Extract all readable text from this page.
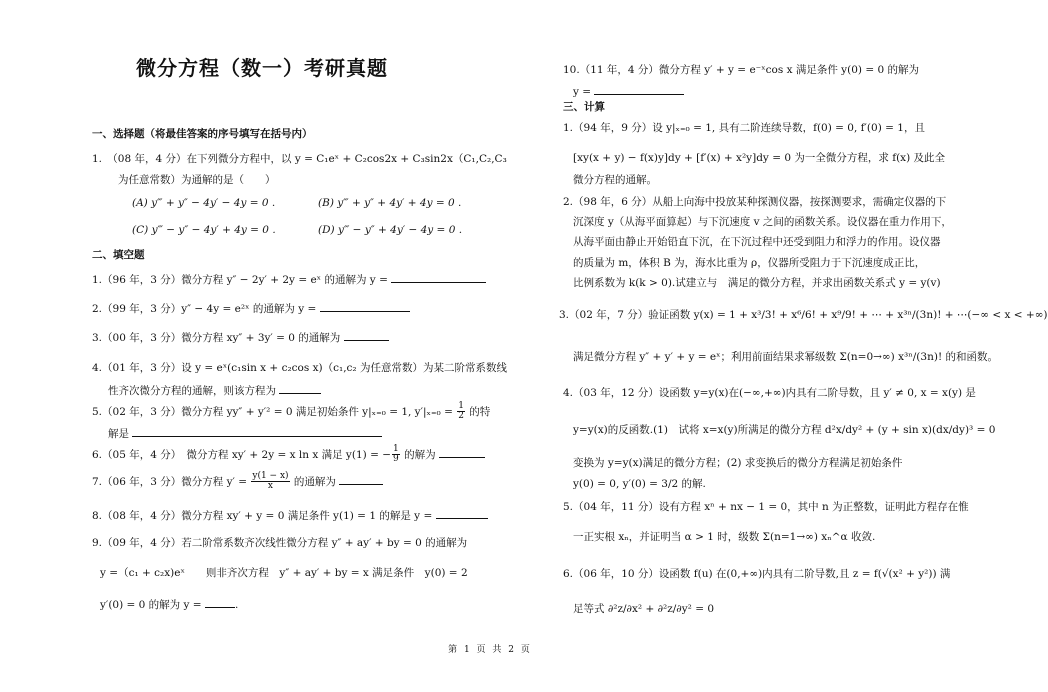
微分方程（数一）考研真题
一、选择题（将最佳答案的序号填写在括号内）
1.　（08 年，4 分）在下列微分方程中，以 y = C₁eˣ + C₂cos2x + C₃sin2x（C₁,C₂,C₃
为任意常数）为通解的是（　　）
(A) y‴ + y″ − 4y′ − 4y = 0 .	(B) y‴ + y″ + 4y′ + 4y = 0 .
(C) y‴ − y″ − 4y′ + 4y = 0 .	(D) y‴ − y″ + 4y′ − 4y = 0 .
二、填空题
1.（96 年，3 分）微分方程 y″ − 2y′ + 2y = eˣ 的通解为 y =
2.（99 年，3 分）y″ − 4y = e²ˣ 的通解为 y =
3.（00 年，3 分）微分方程 xy″ + 3y′ = 0 的通解为
4.（01 年，3 分）设 y = eˣ(c₁sin x + c₂cos x)（c₁,c₂ 为任意常数）为某二阶常系数线
性齐次微分方程的通解，则该方程为
5.（02 年，3 分）微分方程 yy″ + y′² = 0 满足初始条件 y|ₓ₌₀ = 1, $y'|_{x=0} = \frac{1}{2}$ 的特
解是
6.（05 年，4 分）　微分方程 xy′ + 2y = x ln x 满足 y(1) = − $\frac{1}{9}$ 的解为
7.（06 年，3 分）微分方程 $y' = \frac{y(1 - x)}{x}$ 的通解为
8.（08 年，4 分）微分方程 xy′ + y = 0 满足条件 y(1) = 1 的解是 y =
9.（09 年，4 分）若二阶常系数齐次线性微分方程 y″ + ay′ + by = 0 的通解为
y =（c₁ + c₂x)eˣ　　则非齐次方程　y″ + ay′ + by = x 满足条件　y(0) = 2
y′(0) = 0 的解为 y =	.
10.（11 年，4 分）微分方程 y′ + y = e⁻ˣcos x 满足条件 y(0) = 0 的解为
y =
三、计算
1.（94 年，9 分）设 y|ₓ₌₀ = 1, 具有二阶连续导数，f(0) = 0, f′(0) = 1，且
[xy(x + y) − f(x)y]dy + [f′(x) + x²y]dy = 0 为一全微分方程，求 f(x) 及此全
微分方程的通解。
2.（98 年，6 分）从船上向海中投放某种探测仪器，按探测要求，需确定仪器的下
沉深度 y（从海平面算起）与下沉速度 v 之间的函数关系。设仪器在重力作用下，
从海平面由静止开始铅直下沉，在下沉过程中还受到阻力和浮力的作用。设仪器
的质量为 m，体积 B 为，海水比重为 ρ，仪器所受阻力于下沉速度成正比，
比例系数为 k(k > 0).试建立与　满足的微分方程，并求出函数关系式 y = y(v)
3.（02 年，7 分）验证函数 y(x) = 1 + x³/3! + x⁶/6! + x⁹/9! + ⋯ + x³ⁿ/(3n)! + ⋯(−∞ < x < +∞)
满足微分方程 y″ + y′ + y = eˣ；利用前面结果求幂级数 Σ(n=0→∞) x³ⁿ/(3n)! 的和函数。
4.（03 年，12 分）设函数 y=y(x)在(−∞,+∞)内具有二阶导数，且 y′ ≠ 0, x = x(y) 是
y=y(x)的反函数.(1)　试将 x=x(y)所满足的微分方程 d²x/dy² + (y + sin x)(dx/dy)³ = 0
变换为 y=y(x)满足的微分方程；(2) 求变换后的微分方程满足初始条件
y(0) = 0, y′(0) = 3/2 的解.
5.（04 年，11 分）设有方程 xⁿ + nx − 1 = 0，其中 n 为正整数，证明此方程存在惟
一正实根 xₙ，并证明当 α > 1 时，级数 Σ(n=1→∞) xₙ^α 收敛.
6.（06 年，10 分）设函数 f(u) 在(0,+∞)内具有二阶导数,且 z = f(√(x² + y²)) 满
足等式 ∂²z/∂x² + ∂²z/∂y² = 0
第 1 页 共 2 页
